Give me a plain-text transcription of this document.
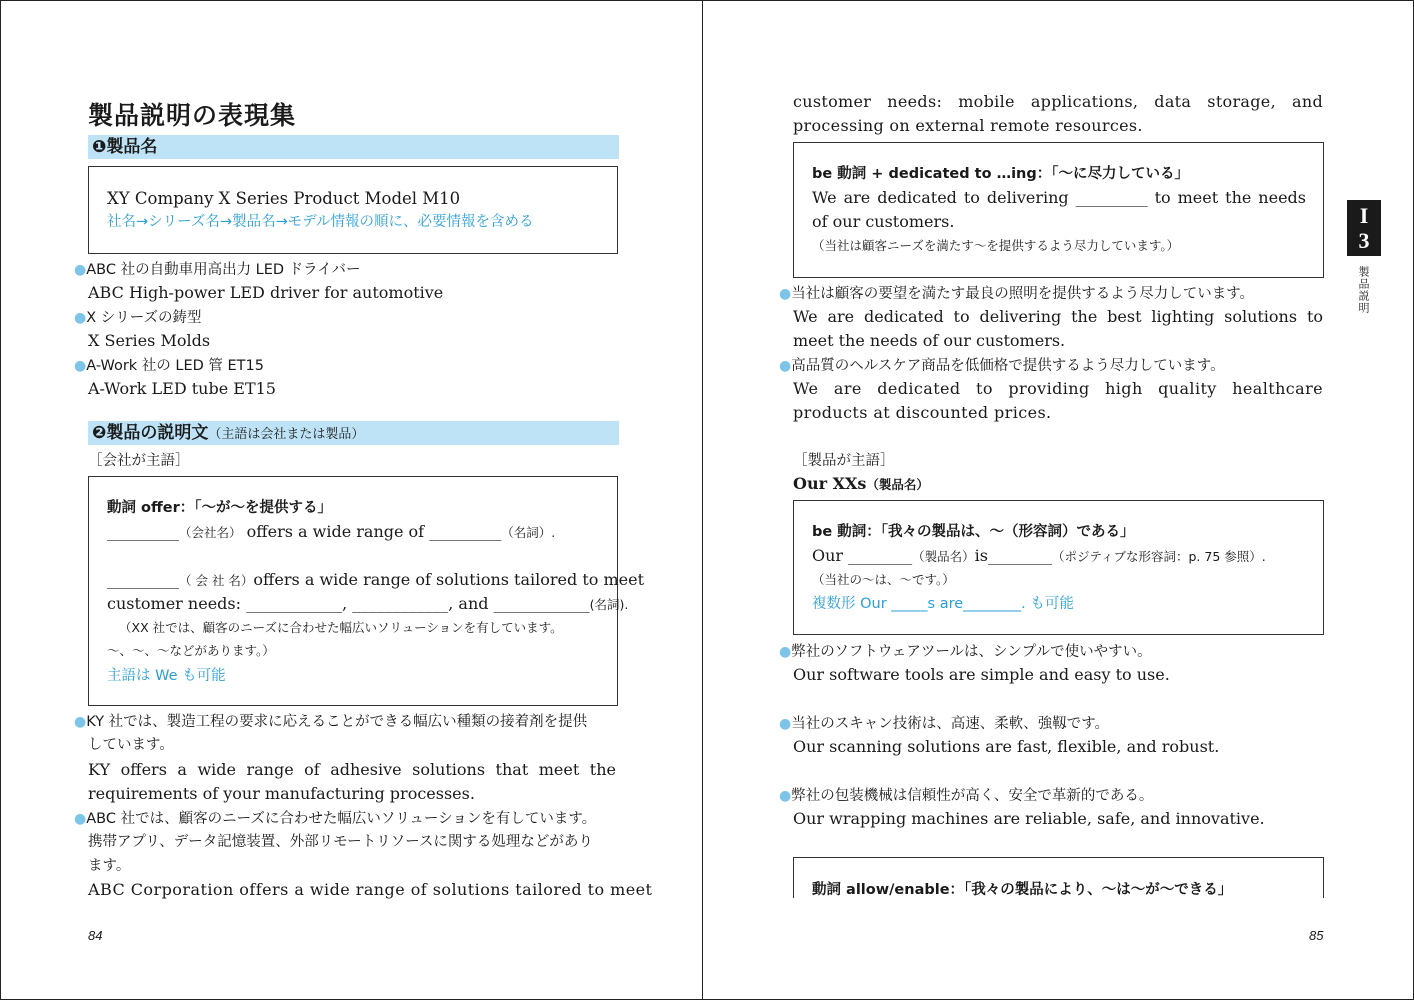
製品説明の表現集
❶製品名
XY Company X Series Product Model M10
社名→シリーズ名→製品名→モデル情報の順に、必要情報を含める
●ABC 社の自動車用高出力 LED ドライバー
ABC High-power LED driver for automotive
●X シリーズの鋳型
X Series Molds
●A-Work 社の LED 管 ET15
A-Work LED tube ET15
❷製品の説明文（主語は会社または製品）
［会社が主語］
動詞 offer：「～が～を提供する」
_________（会社名） offers a wide range of _________（名詞）.
_________（ 会 社 名）offers a wide range of solutions tailored to meet
customer needs: ____________, ____________, and ____________(名詞).
（XX 社では、顧客のニーズに合わせた幅広いソリューションを有しています。
～、～、～などがあります。）
主語は We も可能
●KY 社では、製造工程の要求に応えることができる幅広い種類の接着剤を提供
しています。
KY offers a wide range of adhesive solutions that meet the requirements of your manufacturing processes.
●ABC 社では、顧客のニーズに合わせた幅広いソリューションを有しています。
携帯アプリ、データ記憶装置、外部リモートリソースに関する処理などがあり
ます。
ABC Corporation offers a wide range of solutions tailored to meet
84
customer needs: mobile applications, data storage, and processing on external remote resources.
be 動詞 + dedicated to …ing：「～に尽力している」
We are dedicated to delivering _________ to meet the needs of our customers.
（当社は顧客ニーズを満たす～を提供するよう尽力しています。）
●当社は顧客の要望を満たす最良の照明を提供するよう尽力しています。
We are dedicated to delivering the best lighting solutions to meet the needs of our customers.
●高品質のヘルスケア商品を低価格で提供するよう尽力しています。
We are dedicated to providing high quality healthcare products at discounted prices.
［製品が主語］
Our XXs（製品名）
be 動詞：「我々の製品は、～（形容詞）である」
Our ________（製品名）is________（ポジティブな形容詞：p. 75 参照）.
（当社の～は、～です。）
複数形 Our _____s are________. も可能
●弊社のソフトウェアツールは、シンプルで使いやすい。
Our software tools are simple and easy to use.
●当社のスキャン技術は、高速、柔軟、強靱です。
Our scanning solutions are fast, flexible, and robust.
●弊社の包装機械は信頼性が高く、安全で革新的である。
Our wrapping machines are reliable, safe, and innovative.
動詞 allow/enable：「我々の製品により、～は～が～できる」
85
I
3
製品説明
